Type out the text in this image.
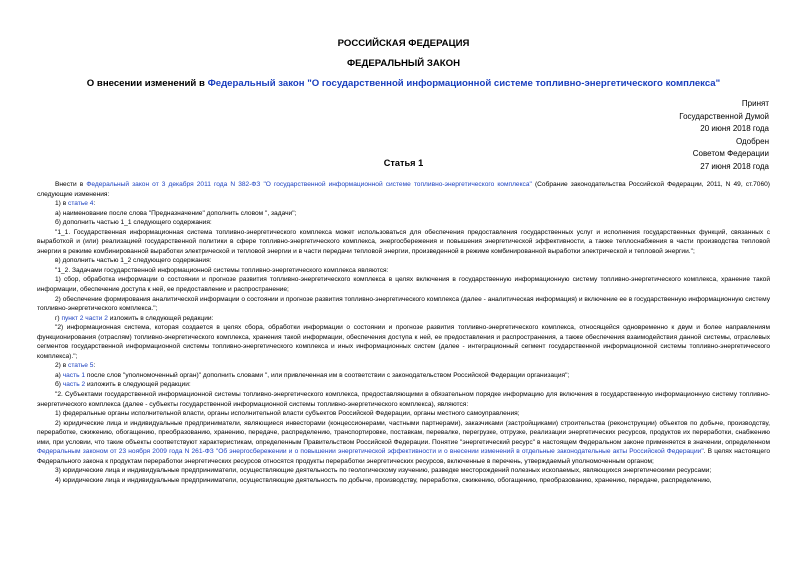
РОССИЙСКАЯ ФЕДЕРАЦИЯ
ФЕДЕРАЛЬНЫЙ ЗАКОН
О внесении изменений в Федеральный закон "О государственной информационной системе топливно-энергетического комплекса"
Принят
Государственной Думой
20 июня 2018 года
Одобрен
Советом Федерации
27 июня 2018 года
Статья 1

Внести в Федеральный закон от 3 декабря 2011 года N 382-ФЗ "О государственной информационной системе топливно-энергетического комплекса" (Собрание законодательства Российской Федерации, 2011, N 49, ст.7060) следующие изменения:

1) в статье 4:

а) наименование после слова "Предназначение" дополнить словом ", задачи";

б) дополнить частью 1_1 следующего содержания:

"1_1. Государственная информационная система топливно-энергетического комплекса может использоваться для обеспечения предоставления государственных услуг и исполнения государственных функций, связанных с выработкой и (или) реализацией государственной политики в сфере топливно-энергетического комплекса, энергосбережения и повышения энергетической эффективности, а также теплоснабжения в части производства тепловой энергии в режиме комбинированной выработки электрической и тепловой энергии и в части передачи тепловой энергии, произведенной в режиме комбинированной выработки электрической и тепловой энергии.";

в) дополнить частью 1_2 следующего содержания:

"1_2. Задачами государственной информационной системы топливно-энергетического комплекса являются:

1) сбор, обработка информации о состоянии и прогнозе развития топливно-энергетического комплекса в целях включения в государственную информационную систему топливно-энергетического комплекса, хранение такой информации, обеспечение доступа к ней, ее предоставление и распространение;

2) обеспечение формирования аналитической информации о состоянии и прогнозе развития топливно-энергетического комплекса (далее - аналитическая информация) и включение ее в государственную информационную систему топливно-энергетического комплекса.";

г) пункт 2 части 2 изложить в следующей редакции:

"2) информационная система, которая создается в целях сбора, обработки информации о состоянии и прогнозе развития топливно-энергетического комплекса, относящейся одновременно к двум и более направлениям функционирования (отраслям) топливно-энергетического комплекса, хранения такой информации, обеспечения доступа к ней, ее предоставления и распространения, а также обеспечения взаимодействия данной системы, отраслевых сегментов государственной информационной системы топливно-энергетического комплекса и иных информационных систем (далее - интеграционный сегмент государственной информационной системы топливно-энергетического комплекса).";

2) в статье 5:

а) часть 1 после слов "уполномоченный орган)" дополнить словами ", или привлеченная им в соответствии с законодательством Российской Федерации организация";

б) часть 2 изложить в следующей редакции:

"2. Субъектами государственной информационной системы топливно-энергетического комплекса, предоставляющими в обязательном порядке информацию для включения в государственную информационную систему топливно-энергетического комплекса (далее - субъекты государственной информационной системы топливно-энергетического комплекса), являются:

1) федеральные органы исполнительной власти, органы исполнительной власти субъектов Российской Федерации, органы местного самоуправления;

2) юридические лица и индивидуальные предприниматели, являющиеся инвесторами (концессионерами, частными партнерами), заказчиками (застройщиками) строительства (реконструкции) объектов по добыче, производству, переработке, сжижению, обогащению, преобразованию, хранению, передаче, распределению, транспортировке, поставкам, перевалке, перегрузке, отгрузке, реализации энергетических ресурсов, продуктов их переработки, снабжению ими, при условии, что такие объекты соответствуют характеристикам, определенным Правительством Российской Федерации. Понятие "энергетический ресурс" в настоящем Федеральном законе применяется в значении, определенном Федеральным законом от 23 ноября 2009 года N 261-ФЗ "Об энергосбережении и о повышении энергетической эффективности и о внесении изменений в отдельные законодательные акты Российской Федерации". В целях настоящего Федерального закона к продуктам переработки энергетических ресурсов относятся продукты переработки энергетических ресурсов, включенные в перечень, утверждаемый уполномоченным органом;

3) юридические лица и индивидуальные предприниматели, осуществляющие деятельность по геологическому изучению, разведке месторождений полезных ископаемых, являющихся энергетическими ресурсами;

4) юридические лица и индивидуальные предприниматели, осуществляющие деятельность по добыче, производству, переработке, сжижению, обогащению, преобразованию, хранению, передаче, распределению,
